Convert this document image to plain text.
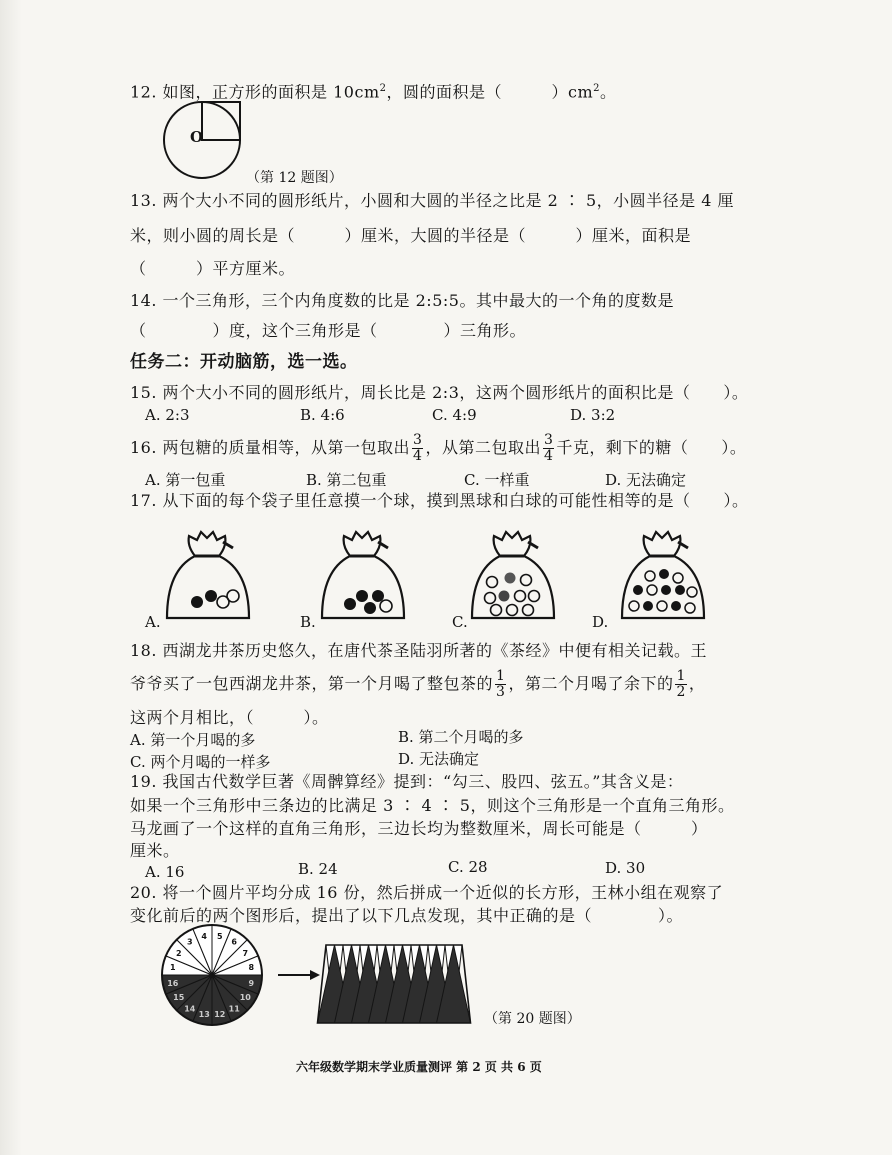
12. 如图，正方形的面积是 $10cm^2$，圆的面积是（　　　）$cm^2$。
O
（第 12 题图）
13. 两个大小不同的圆形纸片，小圆和大圆的半径之比是 2 ∶ 5，小圆半径是 4 厘
米，则小圆的周长是（　　　）厘米，大圆的半径是（　　　）厘米，面积是
（　　　）平方厘米。
14. 一个三角形，三个内角度数的比是 2:5:5。其中最大的一个角的度数是
（　　　　）度，这个三角形是（　　　　）三角形。
任务二：开动脑筋，选一选。
15. 两个大小不同的圆形纸片，周长比是 2:3，这两个圆形纸片的面积比是（　　）。
A. 2:3	B. 4:6	C. 4:9	D. 3:2
16. 两包糖的质量相等，从第一包取出 $\frac{3}{4}$ ，从第二包取出 $\frac{3}{4}$ 千克，剩下的糖（　　）。
A. 第一包重	B. 第二包重	C. 一样重	D. 无法确定
17. 从下面的每个袋子里任意摸一个球，摸到黑球和白球的可能性相等的是（　　）。
A.	B.	C.	D.
18. 西湖龙井茶历史悠久，在唐代茶圣陆羽所著的《茶经》中便有相关记载。王
爷爷买了一包西湖龙井茶，第一个月喝了整包茶的 $\frac{1}{3}$ ，第二个月喝了余下的 $\frac{1}{2}$ ，
这两个月相比，（　　　）。
A. 第一个月喝的多	B. 第二个月喝的多
C. 两个月喝的一样多	D. 无法确定
19. 我国古代数学巨著《周髀算经》提到：“勾三、股四、弦五。”其含义是：
如果一个三角形中三条边的比满足 3 ∶ 4 ∶ 5，则这个三角形是一个直角三角形。
马龙画了一个这样的直角三角形，三边长均为整数厘米，周长可能是（　　　）
厘米。
A. 16	B. 24	C. 28	D. 30
20. 将一个圆片平均分成 16 份，然后拼成一个近似的长方形，王林小组在观察了
变化前后的两个图形后，提出了以下几点发现，其中正确的是（　　　　）。
1
2
3
4 5
6
7
8
9
10
11
12
13
14
15
16
（第 20 题图）
六年级数学期末学业质量测评 第 2 页 共 6 页
